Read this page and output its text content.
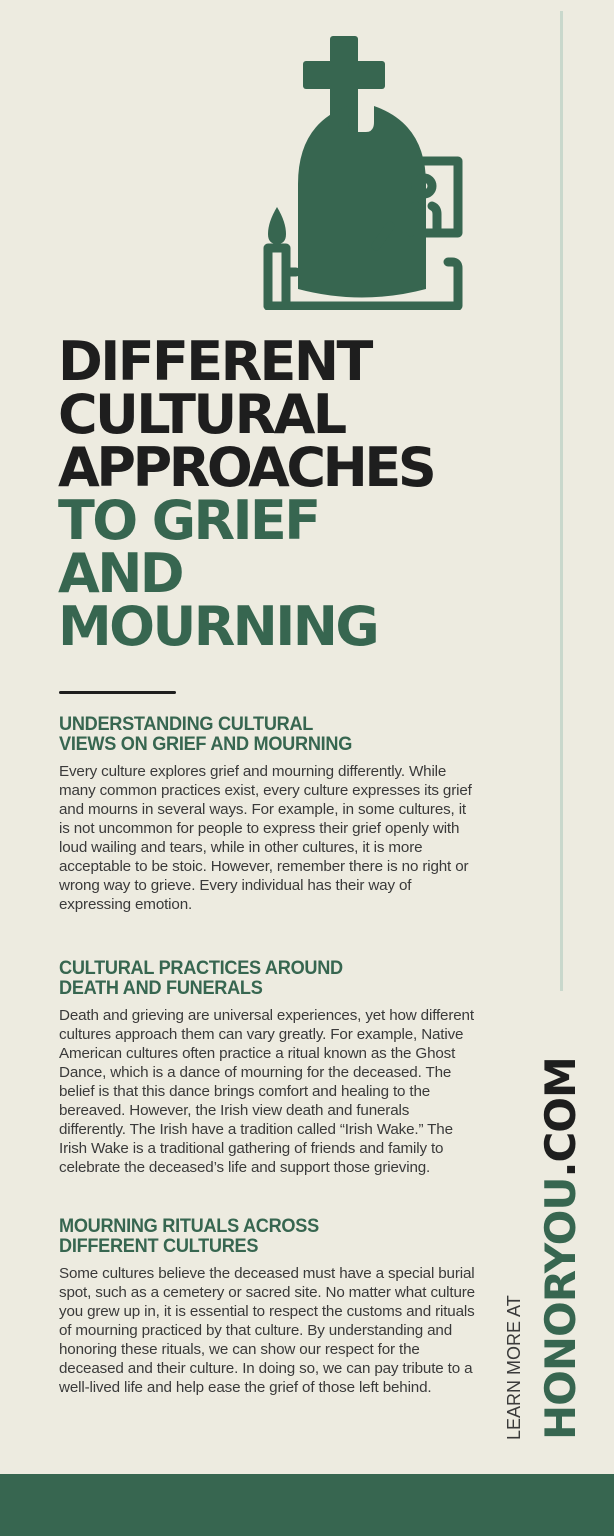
DIFFERENT
CULTURAL
APPROACHES
TO GRIEF
AND
MOURNING
UNDERSTANDING CULTURAL
VIEWS ON GRIEF AND MOURNING

Every culture explores grief and mourning differently. While many common practices exist, every culture expresses its grief and mourns in several ways. For example, in some cultures, it is not uncommon for people to express their grief openly with loud wailing and tears, while in other cultures, it is more acceptable to be stoic. However, remember there is no right or wrong way to grieve. Every individual has their way of expressing emotion.

CULTURAL PRACTICES AROUND
DEATH AND FUNERALS

Death and grieving are universal experiences, yet how different cultures approach them can vary greatly. For example, Native American cultures often practice a ritual known as the Ghost Dance, which is a dance of mourning for the deceased. The belief is that this dance brings comfort and healing to the bereaved. However, the Irish view death and funerals differently. The Irish have a tradition called “Irish Wake.” The Irish Wake is a traditional gathering of friends and family to celebrate the deceased’s life and support those grieving.

MOURNING RITUALS ACROSS
DIFFERENT CULTURES

Some cultures believe the deceased must have a special burial spot, such as a cemetery or sacred site. No matter what culture you grew up in, it is essential to respect the customs and rituals of mourning practiced by that culture. By understanding and honoring these rituals, we can show our respect for the deceased and their culture. In doing so, we can pay tribute to a well-lived life and help ease the grief of those left behind.	LEARN MORE AT HONORYOU.COM
